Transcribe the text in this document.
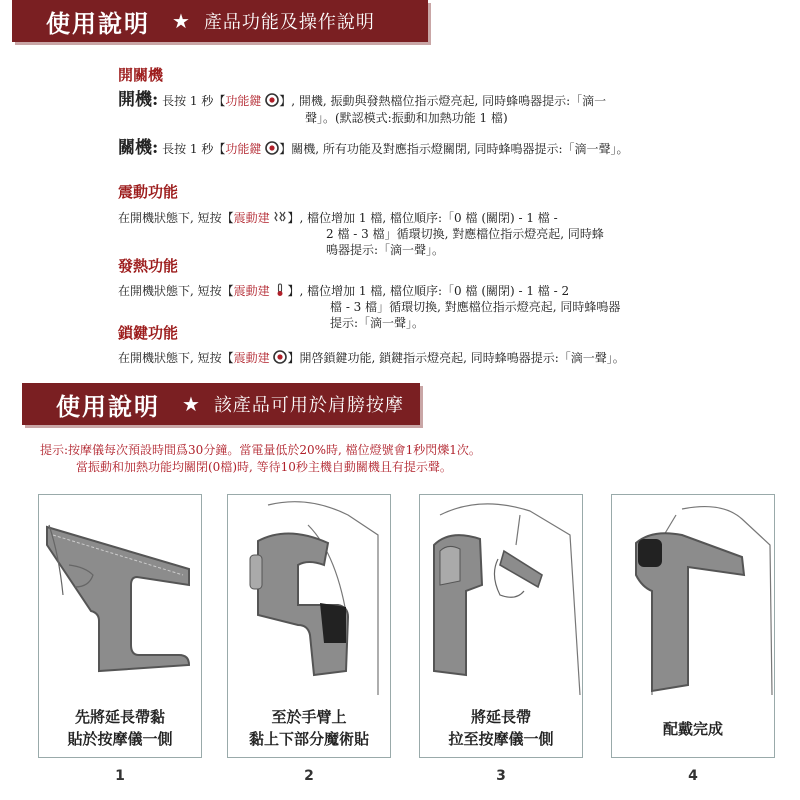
使用說明 ★ 產品功能及操作說明
開關機
開機: 長按 1 秒【功能鍵 】, 開機, 振動與發熱檔位指示燈亮起, 同時蜂鳴器提示:「滴一
聲」。(默認模式:振動和加熱功能 1 檔)
關機: 長按 1 秒【功能鍵 】關機, 所有功能及對應指示燈關閉, 同時蜂鳴器提示:「滴一聲」。
震動功能
在開機狀態下, 短按【震動建 】, 檔位增加 1 檔, 檔位順序:「0 檔 (關閉) - 1 檔 -
2 檔 - 3 檔」循環切換, 對應檔位指示燈亮起, 同時蜂
鳴器提示:「滴一聲」。
發熱功能
在開機狀態下, 短按【震動建 】, 檔位增加 1 檔, 檔位順序:「0 檔 (關閉) - 1 檔 - 2
檔 - 3 檔」循環切換, 對應檔位指示燈亮起, 同時蜂鳴器
提示:「滴一聲」。
鎖鍵功能
在開機狀態下, 短按【震動建 】開啓鎖鍵功能, 鎖鍵指示燈亮起, 同時蜂鳴器提示:「滴一聲」。
使用說明 ★ 該產品可用於肩膀按摩
提示:按摩儀每次預設時間爲30分鐘。當電量低於20%時, 檔位燈號會1秒閃爍1次。
當振動和加熱功能均關閉(0檔)時, 等待10秒主機自動關機且有提示聲。
先將延長帶黏
貼於按摩儀一側
至於手臂上
黏上下部分魔術貼
將延長帶
拉至按摩儀一側
配戴完成
1	2	3	4
